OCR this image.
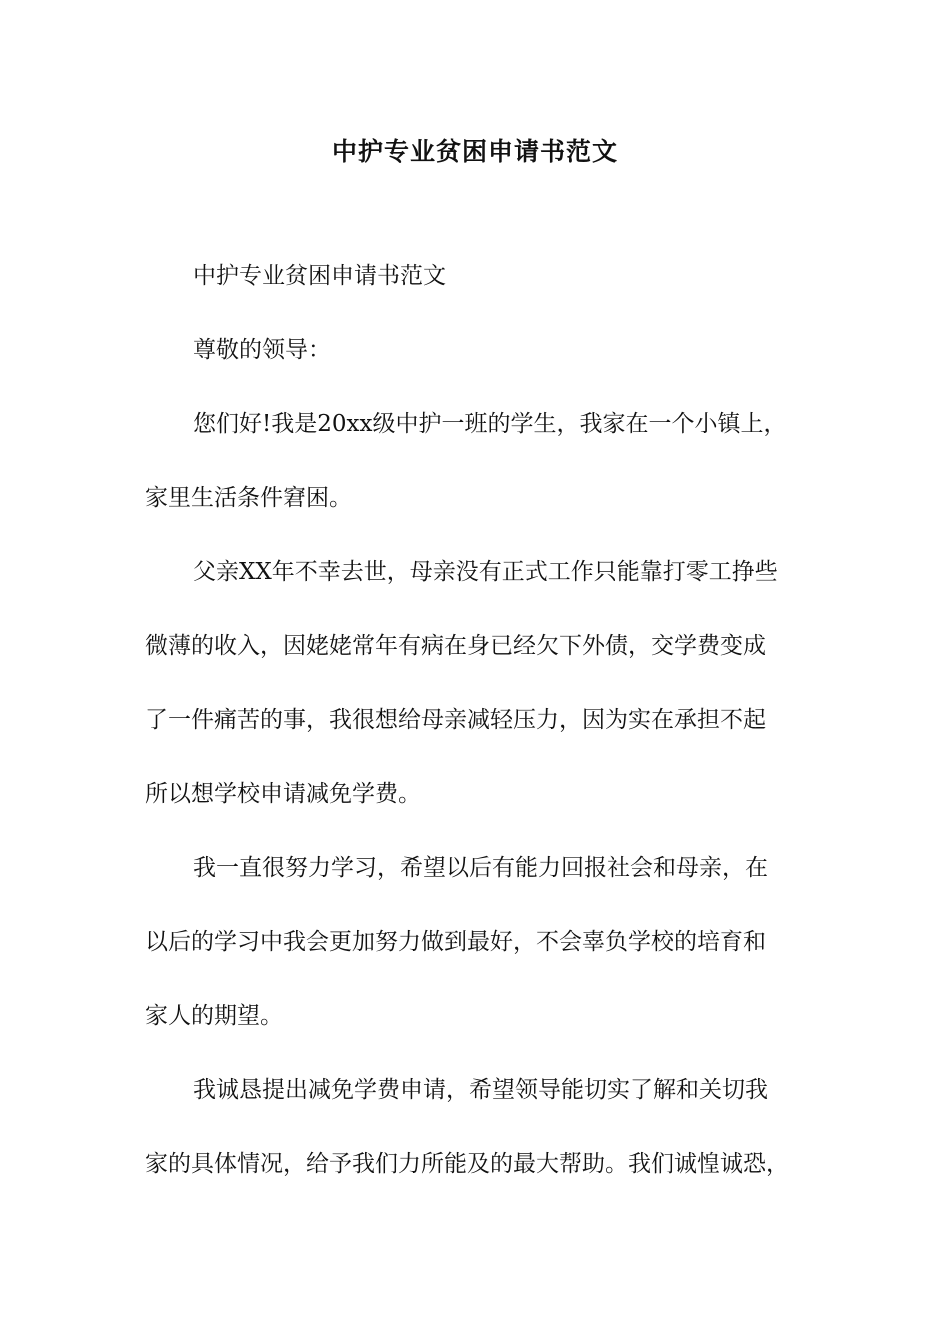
中护专业贫困申请书范文
中护专业贫困申请书范文
尊敬的领导：
您们好!我是20xx级中护一班的学生，我家在一个小镇上，
家里生活条件窘困。
父亲XX年不幸去世，母亲没有正式工作只能靠打零工挣些
微薄的收入，因姥姥常年有病在身已经欠下外债，交学费变成
了一件痛苦的事，我很想给母亲减轻压力，因为实在承担不起
所以想学校申请减免学费。
我一直很努力学习，希望以后有能力回报社会和母亲，在
以后的学习中我会更加努力做到最好，不会辜负学校的培育和
家人的期望。
我诚恳提出减免学费申请，希望领导能切实了解和关切我
家的具体情况，给予我们力所能及的最大帮助。我们诚惶诚恐，
